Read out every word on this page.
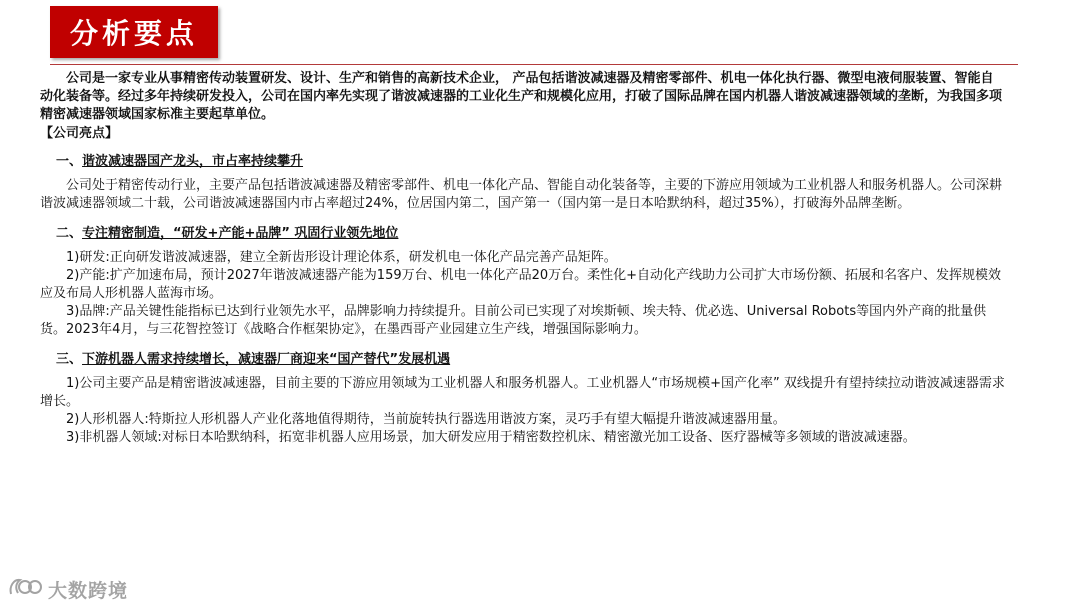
分析要点

公司是一家专业从事精密传动装置研发、设计、生产和销售的高新技术企业， 产品包括谐波减速器及精密零部件、机电一体化执行器、微型电液伺服装置、智能自动化装备等。经过多年持续研发投入，公司在国内率先实现了谐波减速器的工业化生产和规模化应用，打破了国际品牌在国内机器人谐波减速器领域的垄断，为我国多项精密减速器领域国家标准主要起草单位。

【公司亮点】

一、谐波减速器国产龙头，市占率持续攀升

公司处于精密传动行业，主要产品包括谐波减速器及精密零部件、机电一体化产品、智能自动化装备等，主要的下游应用领域为工业机器人和服务机器人。公司深耕谐波减速器领域二十载，公司谐波减速器国内市占率超过24%，位居国内第二，国产第一（国内第一是日本哈默纳科，超过35%），打破海外品牌垄断。

二、专注精密制造，“研发+产能+品牌” 巩固行业领先地位

1)研发:正向研发谐波减速器，建立全新齿形设计理论体系，研发机电一体化产品完善产品矩阵。

2)产能:扩产加速布局，预计2027年谐波减速器产能为159万台、机电一体化产品20万台。柔性化+自动化产线助力公司扩大市场份额、拓展和名客户、发挥规模效应及布局人形机器人蓝海市场。

3)品牌:产品关键性能指标已达到行业领先水平，品牌影响力持续提升。目前公司已实现了对埃斯顿、埃夫特、优必选、Universal Robots等国内外产商的批量供货。2023年4月，与三花智控签订《战略合作框架协定》，在墨西哥产业园建立生产线，增强国际影响力。

三、下游机器人需求持续增长，减速器厂商迎来“国产替代”发展机遇

1)公司主要产品是精密谐波减速器，目前主要的下游应用领域为工业机器人和服务机器人。工业机器人“市场规模+国产化率” 双线提升有望持续拉动谐波减速器需求增长。

2)人形机器人:特斯拉人形机器人产业化落地值得期待，当前旋转执行器选用谐波方案，灵巧手有望大幅提升谐波减速器用量。

3)非机器人领域:对标日本哈默纳科，拓宽非机器人应用场景，加大研发应用于精密数控机床、精密激光加工设备、医疗器械等多领域的谐波减速器。

大数跨境
